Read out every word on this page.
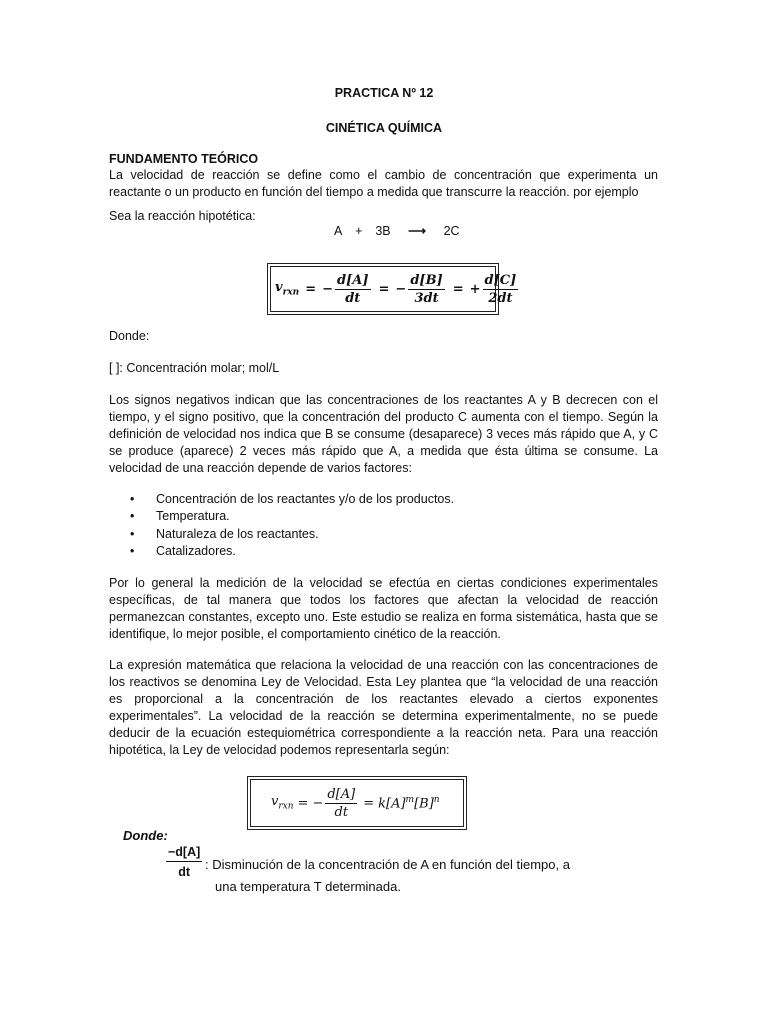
PRACTICA Nº 12
CINÉTICA QUÍMICA
FUNDAMENTO TEÓRICO
La velocidad de reacción se define como el cambio de concentración que experimenta un reactante o un producto en función del tiempo a medida que transcurre la reacción. por ejemplo
Sea la reacción hipotética:
A + 3B ⟶ 2C
$v_{rxn}$ = − $\frac{d[A]}{dt}$ = − $\frac{d[B]}{3dt}$ = + $\frac{d[C]}{2dt}$
Donde:
[ ]: Concentración molar; mol/L
Los signos negativos indican que las concentraciones de los reactantes A y B decrecen con el tiempo, y el signo positivo, que la concentración del producto C aumenta con el tiempo. Según la definición de velocidad nos indica que B se consume (desaparece) 3 veces más rápido que A, y C se produce (aparece) 2 veces más rápido que A, a medida que ésta última se consume. La velocidad de una reacción depende de varios factores:
•	Concentración de los reactantes y/o de los productos.
•	Temperatura.
•	Naturaleza de los reactantes.
•	Catalizadores.
Por lo general la medición de la velocidad se efectúa en ciertas condiciones experimentales específicas, de tal manera que todos los factores que afectan la velocidad de reacción permanezcan constantes, excepto uno. Este estudio se realiza en forma sistemática, hasta que se identifique, lo mejor posible, el comportamiento cinético de la reacción.
La expresión matemática que relaciona la velocidad de una reacción con las concentraciones de los reactivos se denomina Ley de Velocidad. Esta Ley plantea que “la velocidad de una reacción es proporcional a la concentración de los reactantes elevado a ciertos exponentes experimentales”. La velocidad de la reacción se determina experimentalmente, no se puede deducir de la ecuación estequiométrica correspondiente a la reacción neta. Para una reacción hipotética, la Ley de velocidad podemos representarla según:
$v_{rxn}$ = − $\frac{d[A]}{dt} = k[A]^m[B]^n$
Donde:
$\frac{-d[A]}{dt}$ : Disminución de la concentración de A en función del tiempo, a
una temperatura T determinada.
